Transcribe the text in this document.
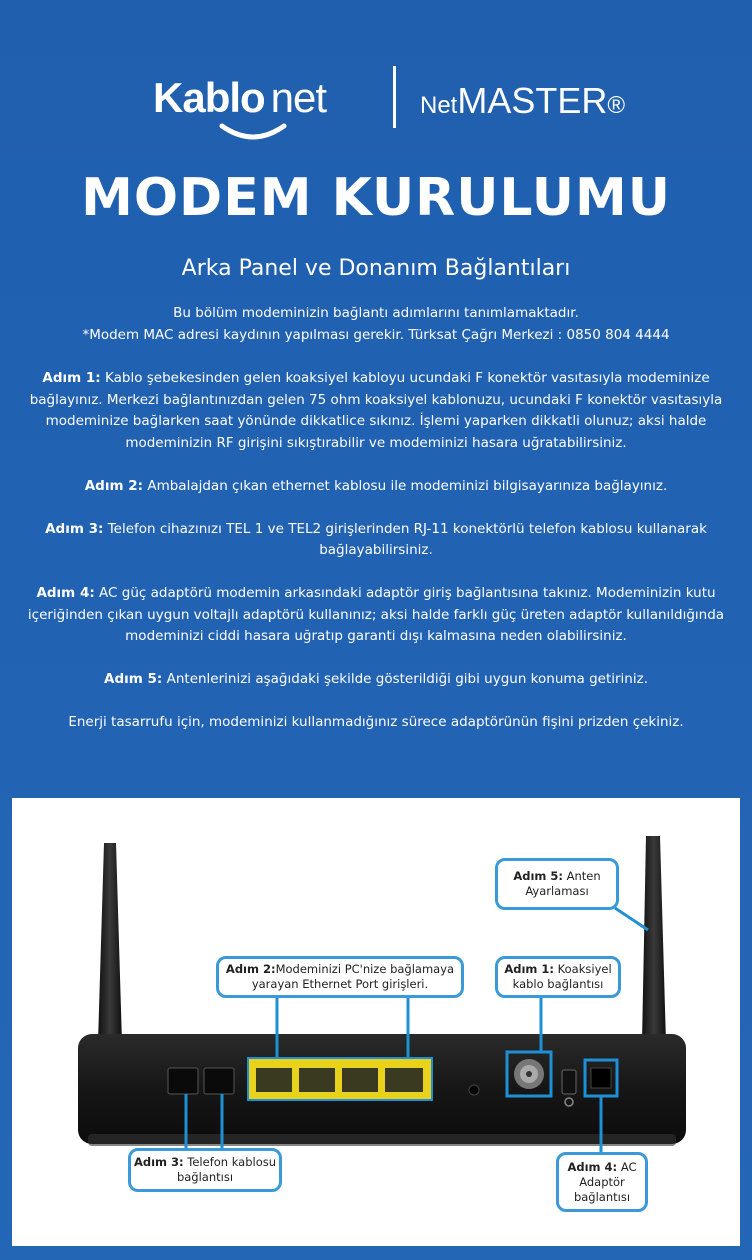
Kablo net	NetMASTER®
MODEM KURULUMU
Arka Panel ve Donanım Bağlantıları
Bu bölüm modeminizin bağlantı adımlarını tanımlamaktadır.
*Modem MAC adresi kaydının yapılması gerekir. Türksat Çağrı Merkezi : 0850 804 4444

Adım 1: Kablo şebekesinden gelen koaksiyel kabloyu ucundaki F konektör vasıtasıyla modeminize bağlayınız. Merkezi bağlantınızdan gelen 75 ohm koaksiyel kablonuzu, ucundaki F konektör vasıtasıyla modeminize bağlarken saat yönünde dikkatlice sıkınız. İşlemi yaparken dikkatli olunuz; aksi halde modeminizin RF girişini sıkıştırabilir ve modeminizi hasara uğratabilirsiniz.

Adım 2: Ambalajdan çıkan ethernet kablosu ile modeminizi bilgisayarınıza bağlayınız.

Adım 3: Telefon cihazınızı TEL 1 ve TEL2 girişlerinden RJ-11 konektörlü telefon kablosu kullanarak bağlayabilirsiniz.

Adım 4: AC güç adaptörü modemin arkasındaki adaptör giriş bağlantısına takınız. Modeminizin kutu içeriğinden çıkan uygun voltajlı adaptörü kullanınız; aksi halde farklı güç üreten adaptör kullanıldığında modeminizi ciddi hasara uğratıp garanti dışı kalmasına neden olabilirsiniz.

Adım 5: Antenlerinizi aşağıdaki şekilde gösterildiği gibi uygun konuma getiriniz.

Enerji tasarrufu için, modeminizi kullanmadığınız sürece adaptörünün fişini prizden çekiniz.

Adım 5: Anten Ayarlaması
Adım 2:Modeminizi PC'nize bağlamaya yarayan Ethernet Port girişleri.
Adım 1: Koaksiyel kablo bağlantısı
Adım 3: Telefon kablosu bağlantısı
Adım 4: AC Adaptör bağlantısı
